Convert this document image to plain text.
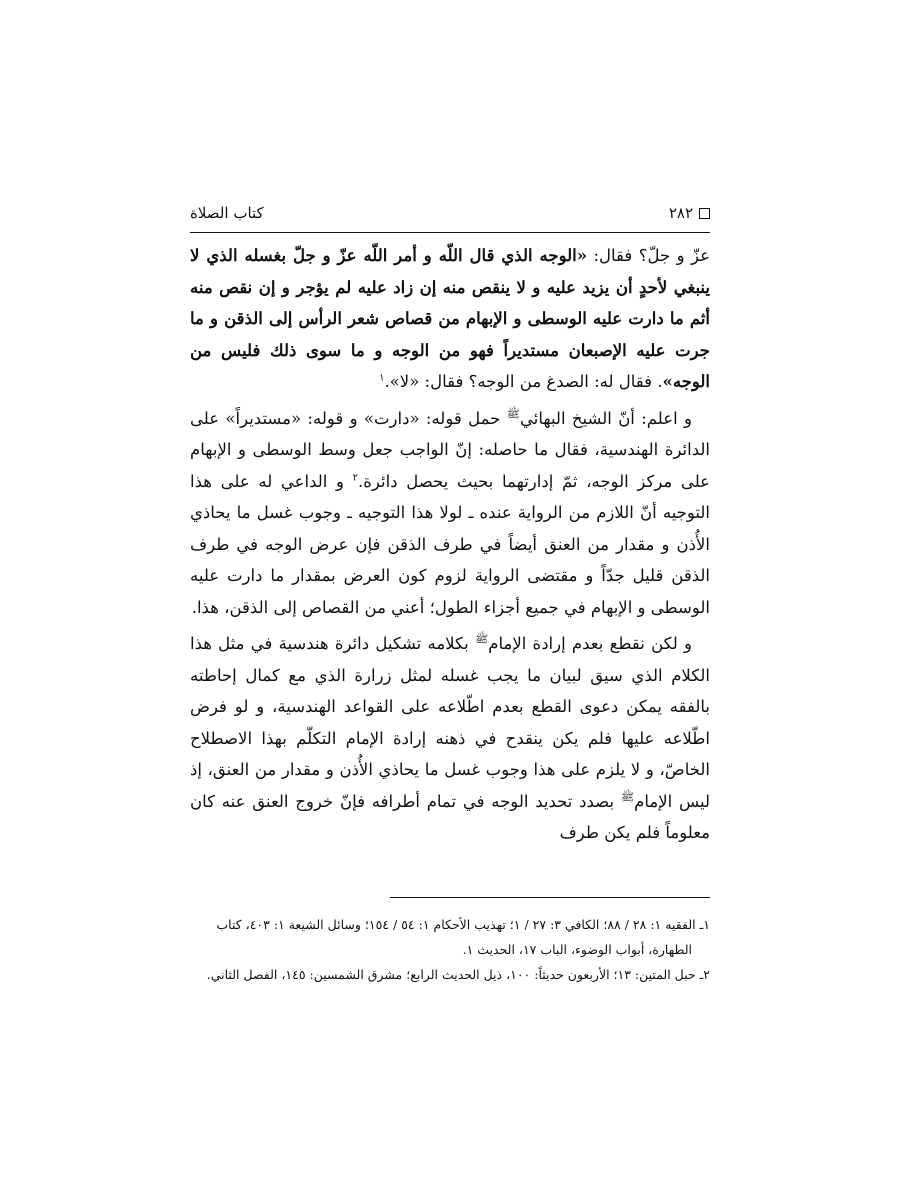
۲۸۲
كتاب الصلاة

عزّ و جلّ؟ فقال: «الوجه الذي قال اللّه و أمر اللّه عزّ و جلّ بغسله الذي لا ينبغي لأحدٍ أن يزيد عليه و لا ينقص منه إن زاد عليه لم يؤجر و إن نقص منه أثم ما دارت عليه الوسطى و الإبهام من قصاص شعر الرأس إلى الذقن و ما جرت عليه الإصبعان مستديراً فهو من الوجه و ما سوى ذلك فليس من الوجه». فقال له: الصدغ من الوجه؟ فقال: «لا».$^۱$

و اعلم: أنّ الشيخ البهائي$^ﷺ$ حمل قوله: «دارت» و قوله: «مستديراً» على الدائرة الهندسية، فقال ما حاصله: إنّ الواجب جعل وسط الوسطى و الإبهام على مركز الوجه، ثمّ إدارتهما بحيث يحصل دائرة.$^۲$ و الداعي له على هذا التوجيه أنّ اللازم من الرواية عنده ـ لولا هذا التوجيه ـ وجوب غسل ما يحاذي الأُذن و مقدار من العنق أيضاً في طرف الذقن فإن عرض الوجه في طرف الذقن قليل جدّاً و مقتضى الرواية لزوم كون العرض بمقدار ما دارت عليه الوسطى و الإبهام في جميع أجزاء الطول؛ أعني من القصاص إلى الذقن، هذا.

و لكن نقطع بعدم إرادة الإمام$^ﷺ$ بكلامه تشكيل دائرة هندسية في مثل هذا الكلام الذي سيق لبيان ما يجب غسله لمثل زرارة الذي مع كمال إحاطته بالفقه يمكن دعوى القطع بعدم اطّلاعه على القواعد الهندسية، و لو فرض اطّلاعه عليها فلم يكن ينقدح في ذهنه إرادة الإمام التكلّم بهذا الاصطلاح الخاصّ، و لا يلزم على هذا وجوب غسل ما يحاذي الأُذن و مقدار من العنق، إذ ليس الإمام$^ﷺ$ بصدد تحديد الوجه في تمام أطرافه فإنّ خروج العنق عنه كان معلوماً فلم يكن طرف

١ـ الفقيه ١: ٢٨ / ٨٨؛ الكافي ٣: ٢٧ / ١؛ تهذيب الأحكام ١: ٥٤ / ١٥٤؛ وسائل الشيعة ١: ٤٠٣، كتاب الطهارة، أبواب الوضوء، الباب ١٧، الحديث ١.

٢ـ حبل المتين: ١٣؛ الأربعون حديثاً: ١٠٠، ذيل الحديث الرابع؛ مشرق الشمسين: ١٤٥، الفصل الثاني.
